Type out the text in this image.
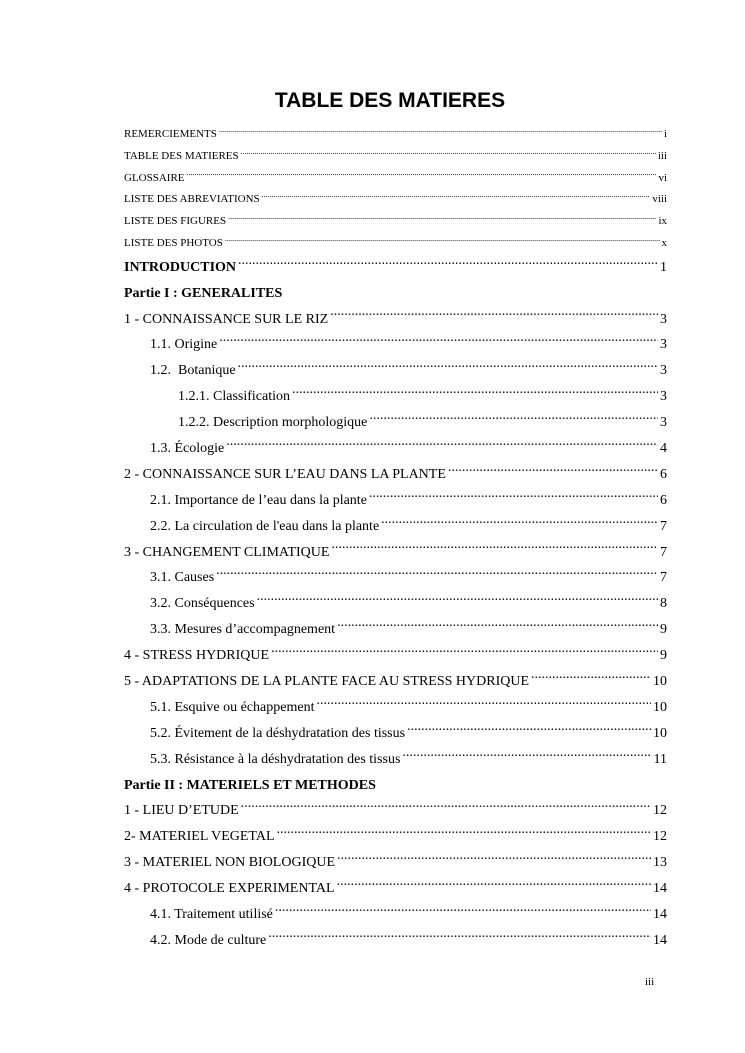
TABLE DES MATIERES
REMERCIEMENTS .....	i
TABLE DES MATIERES .....	iii
GLOSSAIRE .....	vi
LISTE DES ABREVIATIONS .....	viii
LISTE DES FIGURES .....	ix
LISTE DES PHOTOS .....	x
INTRODUCTION .....	1
Partie I : GENERALITES
1 - CONNAISSANCE SUR LE RIZ .....	3
1.1. Origine .....	3
1.2.  Botanique .....	3
1.2.1. Classification .....	3
1.2.2. Description morphologique .....	3
1.3. Écologie .....	4
2 - CONNAISSANCE SUR L’EAU DANS LA PLANTE .....	6
2.1. Importance de l’eau dans la plante .....	6
2.2. La circulation de l'eau dans la plante .....	7
3 - CHANGEMENT CLIMATIQUE .....	7
3.1. Causes .....	7
3.2. Conséquences .....	8
3.3. Mesures d’accompagnement .....	9
4 - STRESS HYDRIQUE .....	9
5 - ADAPTATIONS DE LA PLANTE FACE AU STRESS HYDRIQUE .....	10
5.1. Esquive ou échappement .....	10
5.2. Évitement de la déshydratation des tissus .....	10
5.3. Résistance à la déshydratation des tissus .....	11
Partie II : MATERIELS ET METHODES
1 - LIEU D’ETUDE .....	12
2- MATERIEL VEGETAL .....	12
3 - MATERIEL NON BIOLOGIQUE .....	13
4 - PROTOCOLE EXPERIMENTAL .....	14
4.1. Traitement utilisé .....	14
4.2. Mode de culture .....	14
iii
